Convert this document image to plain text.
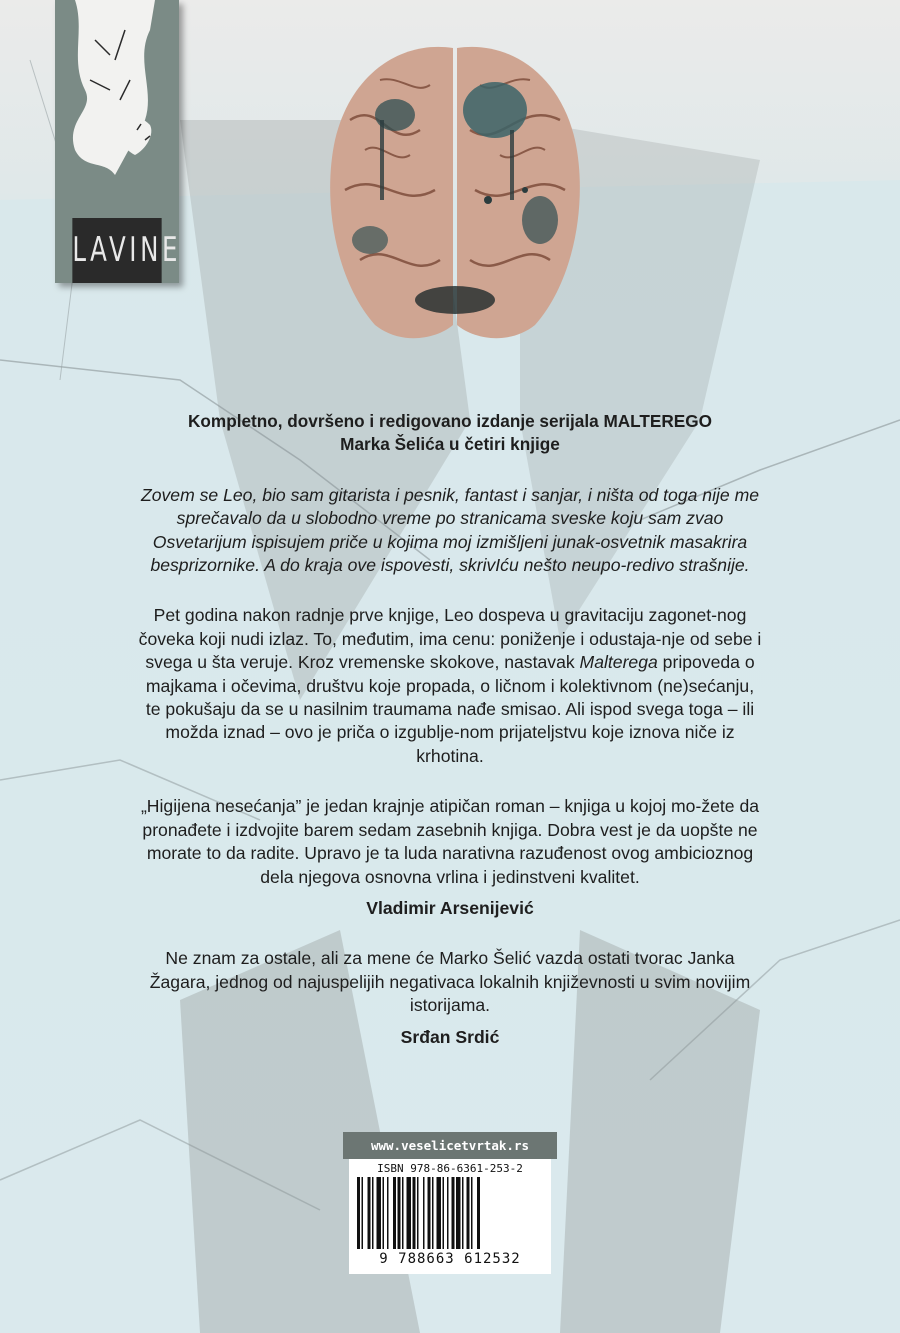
LAVINE

Kompletno, dovršeno i redigovano izdanje serijala MALTEREGO
Marka Šelića u četiri knjige

Zovem se Leo, bio sam gitarista i pesnik, fantast i sanjar, i ništa od toga nije me sprečavalo da u slobodno vreme po stranicama sveske koju sam zvao Osvetarijum ispisujem priče u kojima moj izmišljeni junak-osvetnik masakrira besprizornike. A do kraja ove ispovesti, skrivIću nešto neupo-redivo strašnije.

Pet godina nakon radnje prve knjige, Leo dospeva u gravitaciju zagonet-nog čoveka koji nudi izlaz. To, međutim, ima cenu: poniženje i odustaja-nje od sebe i svega u šta veruje. Kroz vremenske skokove, nastavak Malterega pripoveda o majkama i očevima, društvu koje propada, o ličnom i kolektivnom (ne)sećanju, te pokušaju da se u nasilnim traumama nađe smisao. Ali ispod svega toga – ili možda iznad – ovo je priča o izgublje-nom prijateljstvu koje iznova niče iz krhotina.

„Higijena nesećanja” je jedan krajnje atipičan roman – knjiga u kojoj mo-žete da pronađete i izdvojite barem sedam zasebnih knjiga. Dobra vest je da uopšte ne morate to da radite. Upravo je ta luda narativna razuđenost ovog ambicioznog dela njegova osnovna vrlina i jedinstveni kvalitet.

Vladimir Arsenijević

Ne znam za ostale, ali za mene će Marko Šelić vazda ostati tvorac Janka Žagara, jednog od najuspelijih negativaca lokalnih književnosti u svim novijim istorijama.

Srđan Srdić

www.veselicetvrtak.rs
ISBN 978-86-6361-253-2
9 788663 612532
